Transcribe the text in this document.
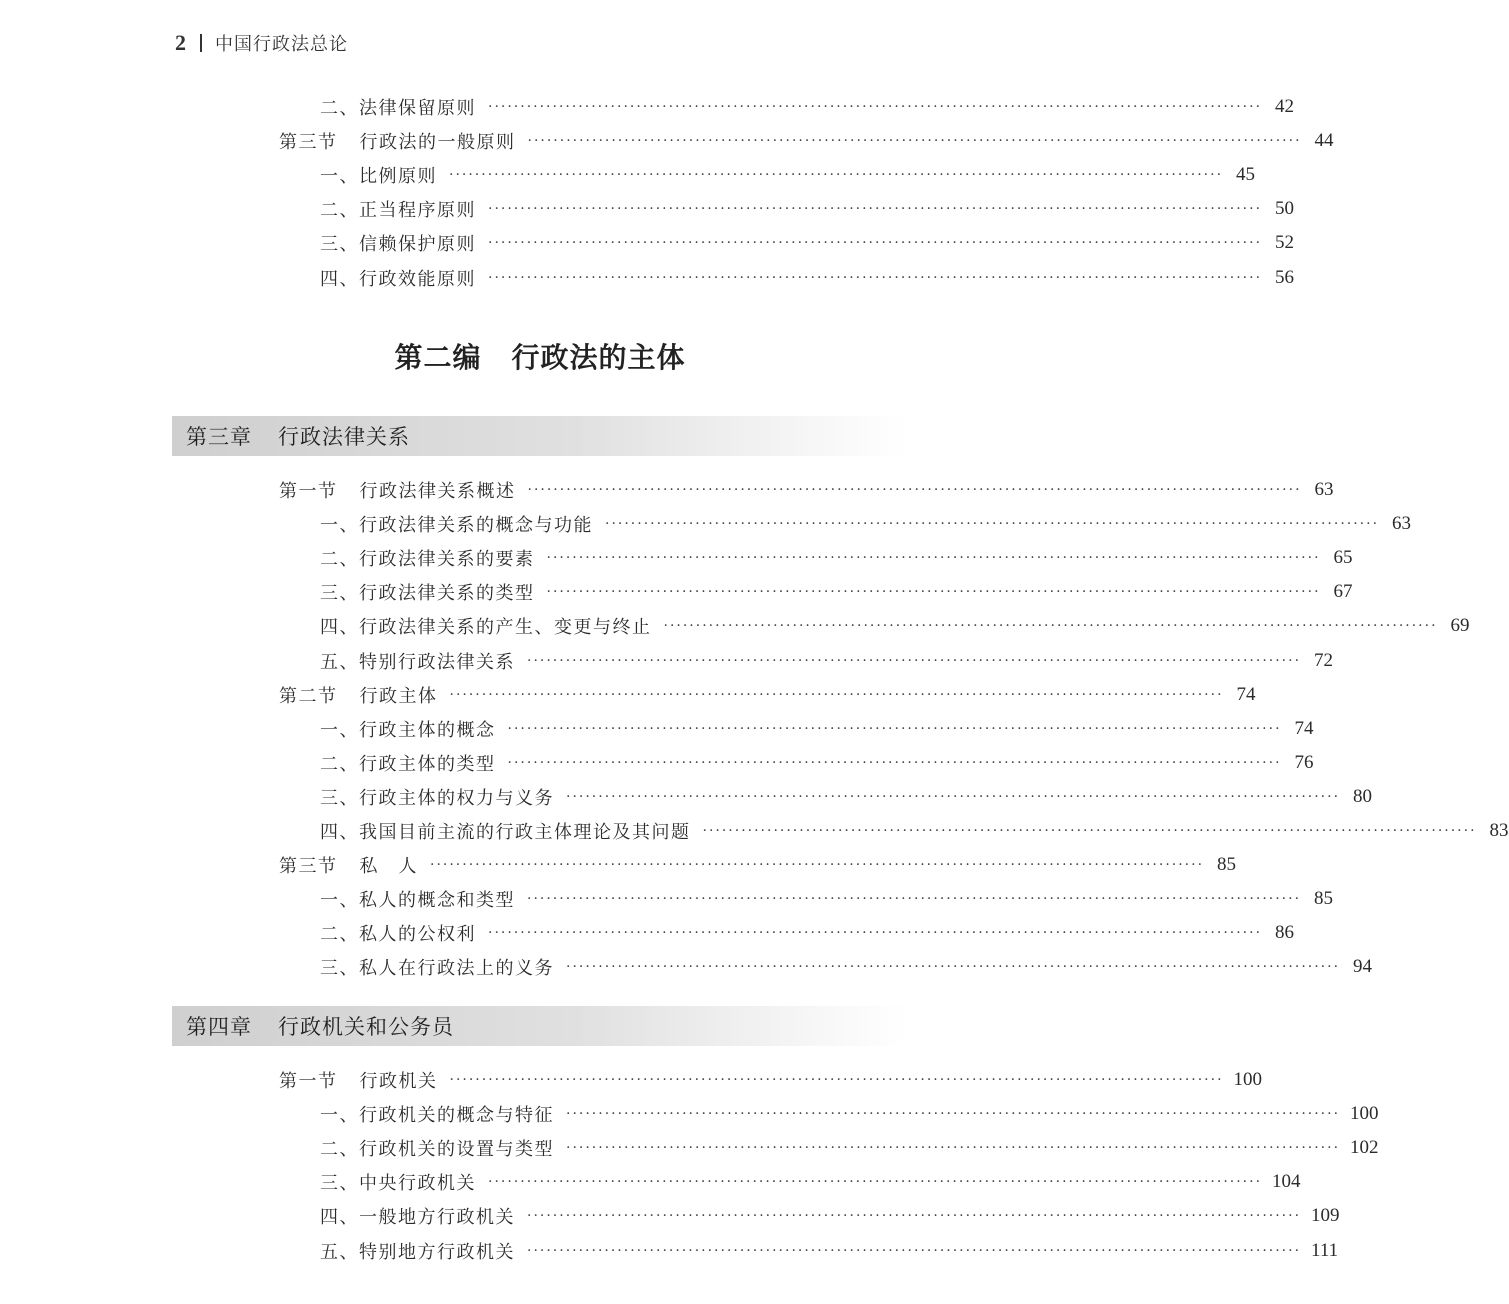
2 中国行政法总论
二、法律保留原则 ························································································································ 42
第三节 行政法的一般原则 ························································································································ 44
一、比例原则 ························································································································ 45
二、正当程序原则 ························································································································ 50
三、信赖保护原则 ························································································································ 52
四、行政效能原则 ························································································································ 56
第二编 行政法的主体
第三章 行政法律关系
第一节 行政法律关系概述 ························································································································ 63
一、行政法律关系的概念与功能 ························································································································ 63
二、行政法律关系的要素 ························································································································ 65
三、行政法律关系的类型 ························································································································ 67
四、行政法律关系的产生、变更与终止 ························································································································ 69
五、特别行政法律关系 ························································································································ 72
第二节 行政主体 ························································································································ 74
一、行政主体的概念 ························································································································ 74
二、行政主体的类型 ························································································································ 76
三、行政主体的权力与义务 ························································································································ 80
四、我国目前主流的行政主体理论及其问题 ························································································································ 83
第三节 私　人 ························································································································ 85
一、私人的概念和类型 ························································································································ 85
二、私人的公权利 ························································································································ 86
三、私人在行政法上的义务 ························································································································ 94
第四章 行政机关和公务员
第一节 行政机关 ························································································································ 100
一、行政机关的概念与特征 ························································································································ 100
二、行政机关的设置与类型 ························································································································ 102
三、中央行政机关 ························································································································ 104
四、一般地方行政机关 ························································································································ 109
五、特别地方行政机关 ························································································································ 111
